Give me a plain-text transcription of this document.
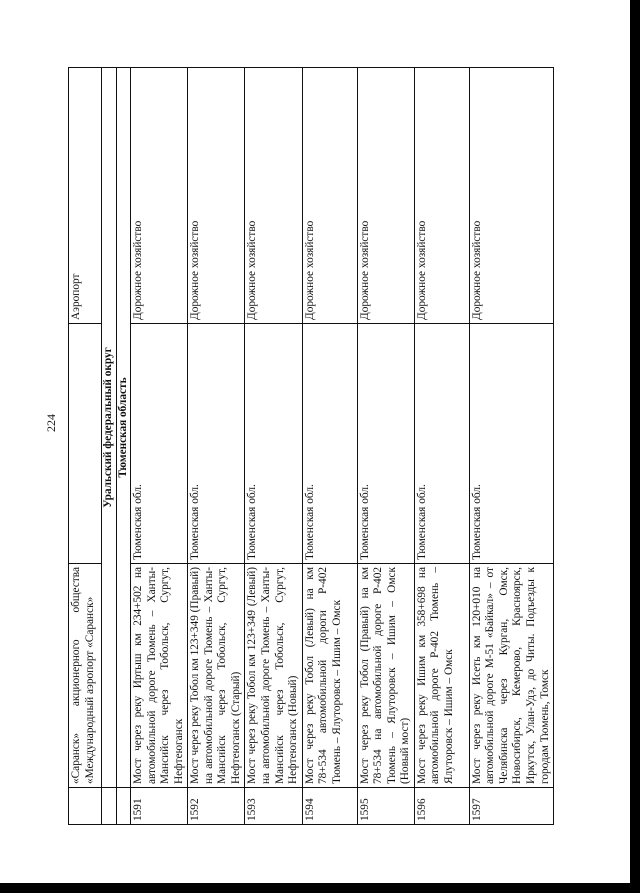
224
	«Саранск» акционерного общества «Международный аэропорт «Саранск»		Аэропорт
	Уральский федеральный округ		
	Тюменская область		
1591	Мост через реку Иртыш км 234+502 на автомобильной дороге Тюмень – Ханты-Мансийск через Тобольск, Сургут, Нефтеюганск	Тюменская обл.	Дорожное хозяйство
1592	Мост через реку Тобол км 123+349 (Правый) на автомобильной дороге Тюмень – Ханты-Мансийск через Тобольск, Сургут, Нефтеюганск (Старый)	Тюменская обл.	Дорожное хозяйство
1593	Мост через реку Тобол км 123+349 (Левый) на автомобильной дороге Тюмень – Ханты-Мансийск через Тобольск, Сургут, Нефтеюганск (Новый)	Тюменская обл.	Дорожное хозяйство
1594	Мост через реку Тобол (Левый) на км 78+534 автомобильной дороги Р-402 Тюмень – Ялуторовск – Ишим – Омск	Тюменская обл.	Дорожное хозяйство
1595	Мост через реку Тобол (Правый) на км 78+534 на автомобильной дороге Р-402 Тюмень – Ялуторовск – Ишим – Омск (Новый мост)	Тюменская обл.	Дорожное хозяйство
1596	Мост через реку Ишим км 358+698 на автомобильной дороге Р-402 Тюмень – Ялуторовск – Ишим – Омск	Тюменская обл.	Дорожное хозяйство
1597	Мост через реку Исеть км 120+010 на автомобильной дороге М-51 «Байкал» – от Челябинска через Курган, Омск, Новосибирск, Кемерово, Красноярск, Иркутск, Улан-Удэ, до Читы. Подъезды к городам Тюмень, Томск	Тюменская обл.	Дорожное хозяйство
